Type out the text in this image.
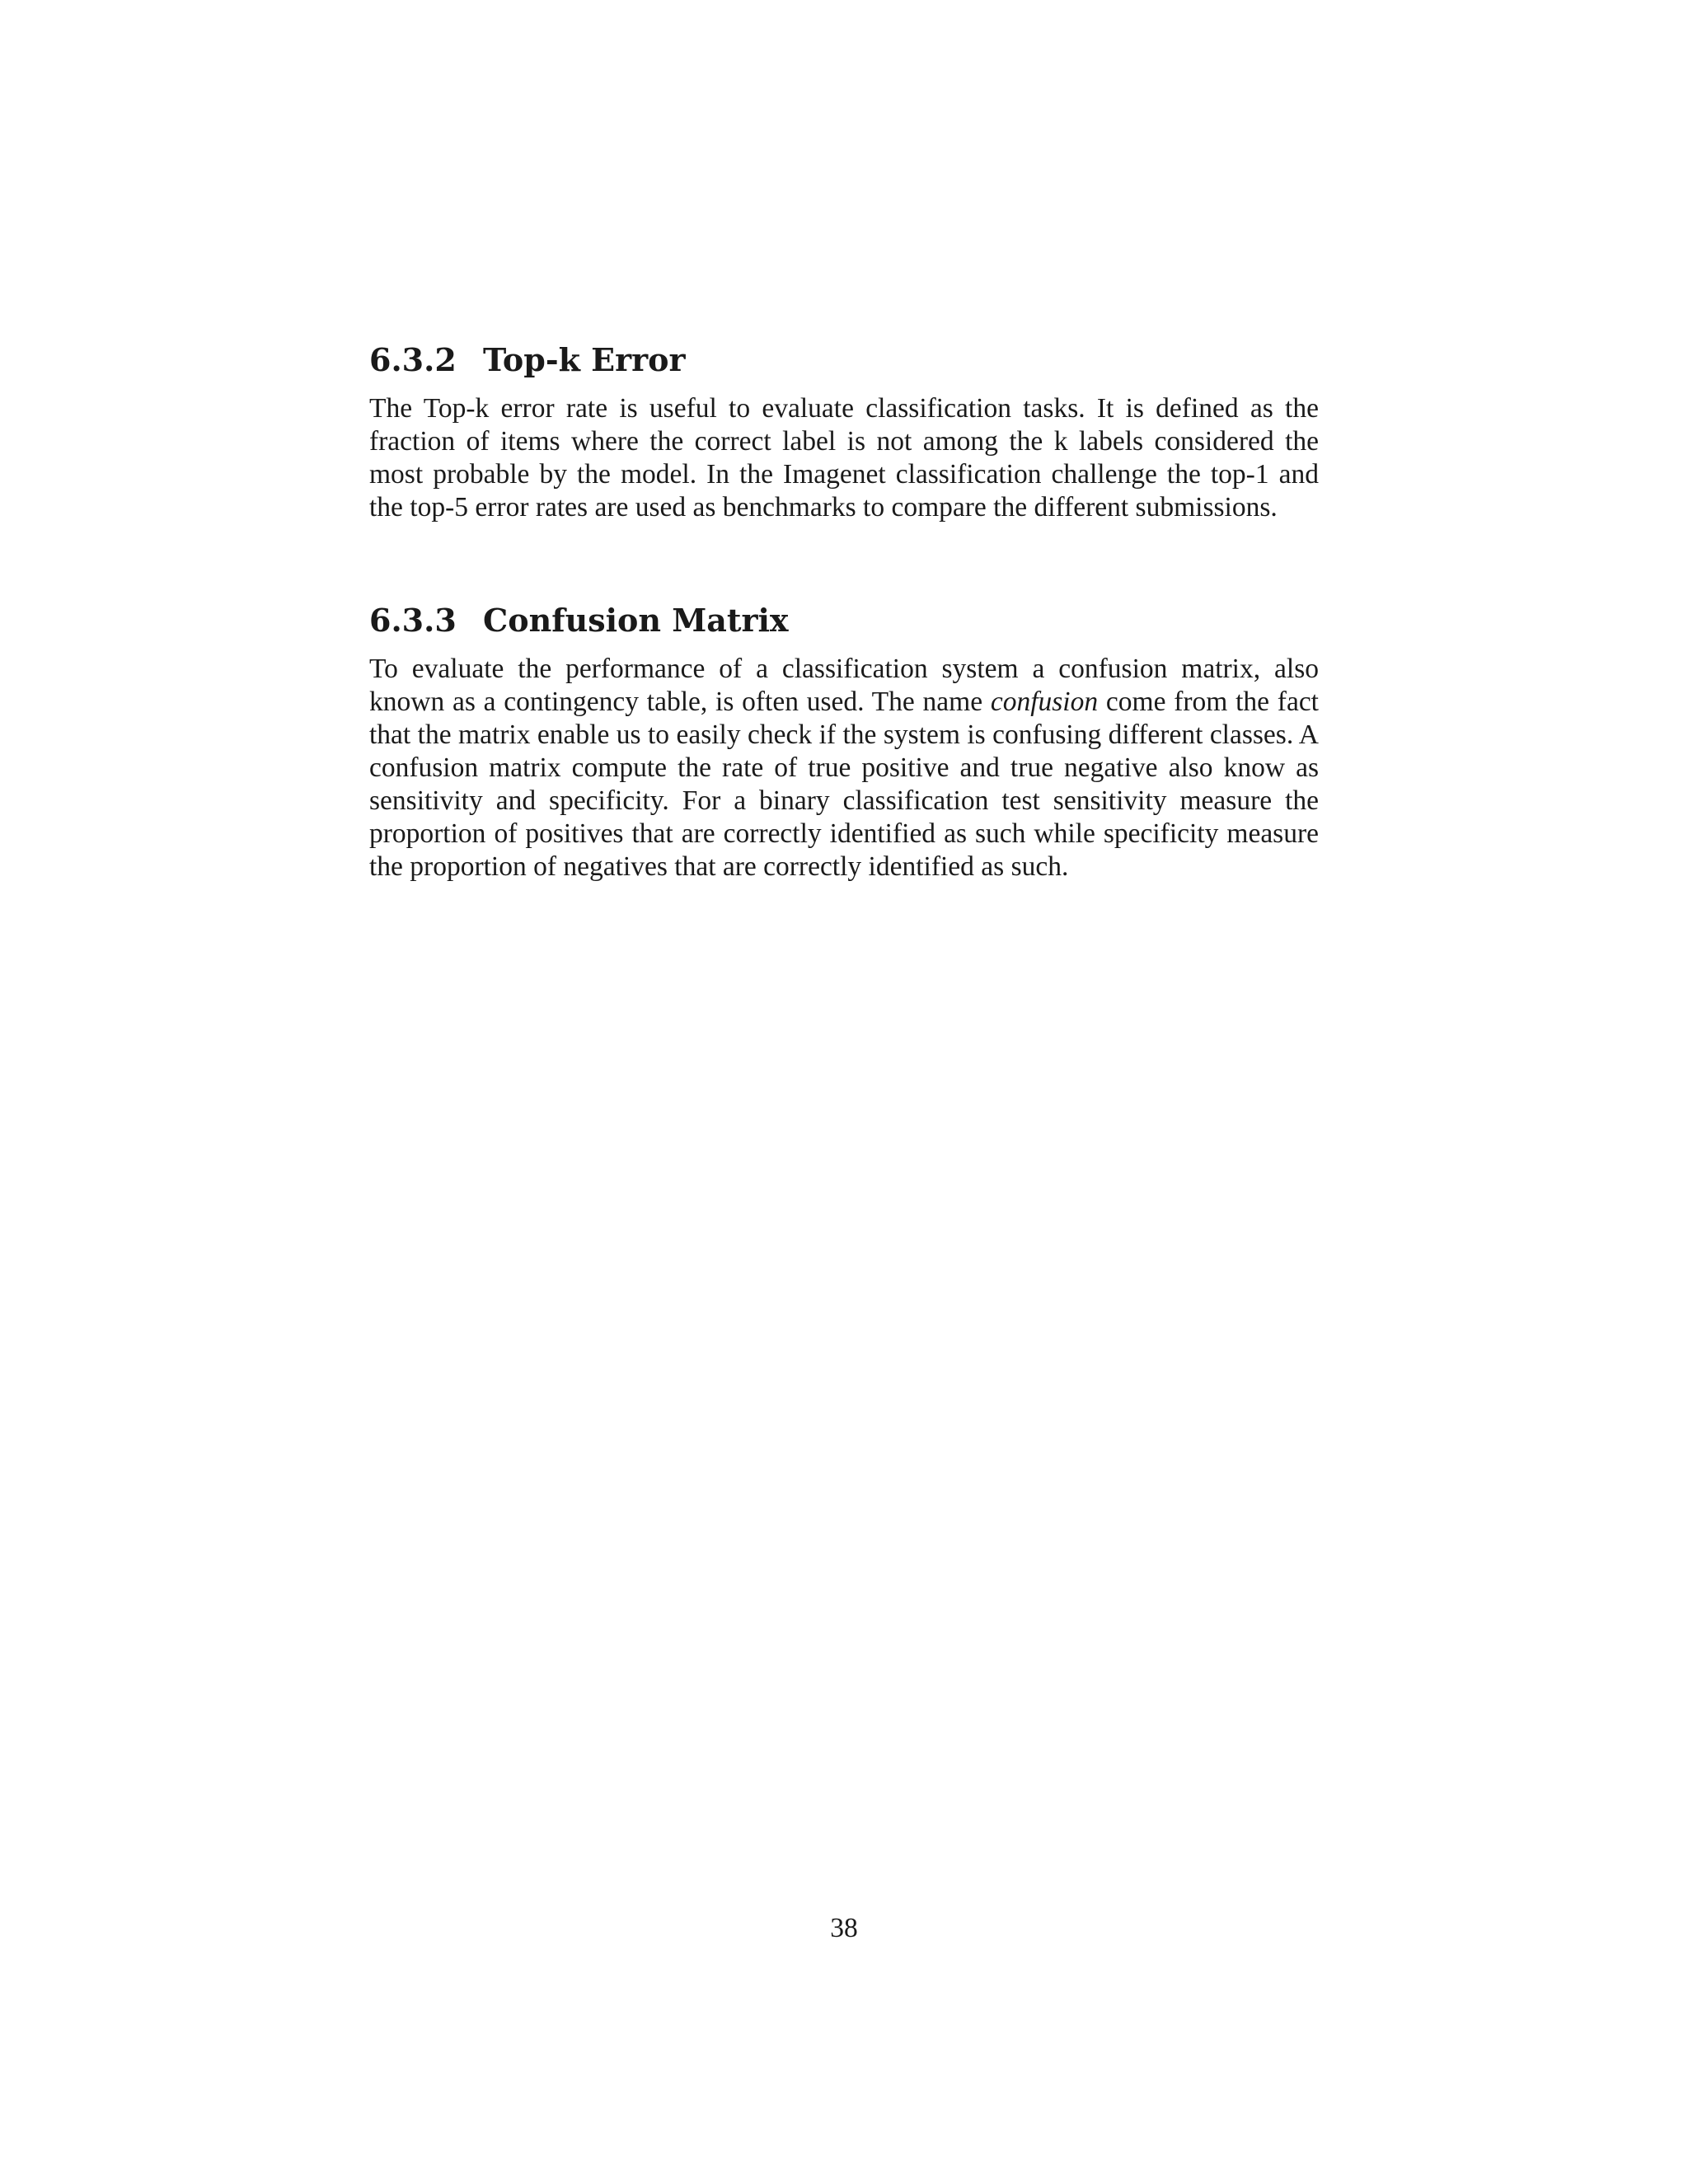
6.3.2 Top-k Error

The Top-k error rate is useful to evaluate classification tasks. It is defined as the fraction of items where the correct label is not among the k labels considered the most probable by the model. In the Imagenet classification challenge the top-1 and the top-5 error rates are used as benchmarks to compare the different submissions.

6.3.3 Confusion Matrix

To evaluate the performance of a classification system a confusion matrix, also known as a contingency table, is often used. The name confusion come from the fact that the matrix enable us to easily check if the system is confusing different classes. A confusion matrix compute the rate of true positive and true negative also know as sensitivity and specificity. For a binary classification test sensitivity measure the proportion of positives that are correctly identified as such while specificity measure the proportion of negatives that are correctly identified as such.

38
